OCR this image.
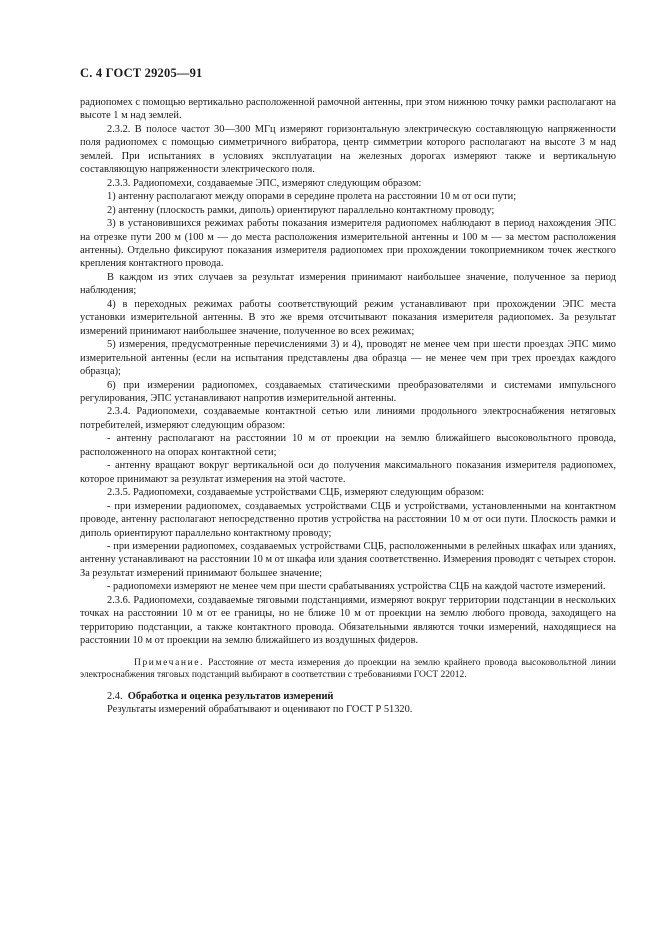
С. 4 ГОСТ 29205—91

радиопомех с помощью вертикально расположенной рамочной антенны, при этом нижнюю точку рамки располагают на высоте 1 м над землей.

2.3.2. В полосе частот 30—300 МГц измеряют горизонтальную электрическую составляющую напряженности поля радиопомех с помощью симметричного вибратора, центр симметрии которого располагают на высоте 3 м над землей. При испытаниях в условиях эксплуатации на железных дорогах измеряют также и вертикальную составляющую напряженности электрического поля.

2.3.3. Радиопомехи, создаваемые ЭПС, измеряют следующим образом:

1) антенну располагают между опорами в середине пролета на расстоянии 10 м от оси пути;

2) антенну (плоскость рамки, диполь) ориентируют параллельно контактному проводу;

3) в установившихся режимах работы показания измерителя радиопомех наблюдают в период нахождения ЭПС на отрезке пути 200 м (100 м — до места расположения измерительной антенны и 100 м — за местом расположения антенны). Отдельно фиксируют показания измерителя радиопомех при прохождении токоприемником точек жесткого крепления контактного провода.

В каждом из этих случаев за результат измерения принимают наибольшее значение, полученное за период наблюдения;

4) в переходных режимах работы соответствующий режим устанавливают при прохождении ЭПС места установки измерительной антенны. В это же время отсчитывают показания измерителя радиопомех. За результат измерений принимают наибольшее значение, полученное во всех режимах;

5) измерения, предусмотренные перечислениями 3) и 4), проводят не менее чем при шести проездах ЭПС мимо измерительной антенны (если на испытания представлены два образца — не менее чем при трех проездах каждого образца);

6) при измерении радиопомех, создаваемых статическими преобразователями и системами импульсного регулирования, ЭПС устанавливают напротив измерительной антенны.

2.3.4. Радиопомехи, создаваемые контактной сетью или линиями продольного электроснабжения нетяговых потребителей, измеряют следующим образом:

- антенну располагают на расстоянии 10 м от проекции на землю ближайшего высоковольтного провода, расположенного на опорах контактной сети;

- антенну вращают вокруг вертикальной оси до получения максимального показания измерителя радиопомех, которое принимают за результат измерения на этой частоте.

2.3.5. Радиопомехи, создаваемые устройствами СЦБ, измеряют следующим образом:

- при измерении радиопомех, создаваемых устройствами СЦБ и устройствами, установленными на контактном проводе, антенну располагают непосредственно против устройства на расстоянии 10 м от оси пути. Плоскость рамки и диполь ориентируют параллельно контактному проводу;

- при измерении радиопомех, создаваемых устройствами СЦБ, расположенными в релейных шкафах или зданиях, антенну устанавливают на расстоянии 10 м от шкафа или здания соответственно. Измерения проводят с четырех сторон. За результат измерений принимают большее значение;

- радиопомехи измеряют не менее чем при шести срабатываниях устройства СЦБ на каждой частоте измерений.

2.3.6. Радиопомехи, создаваемые тяговыми подстанциями, измеряют вокруг территории подстанции в нескольких точках на расстоянии 10 м от ее границы, но не ближе 10 м от проекции на землю любого провода, заходящего на территорию подстанции, а также контактного провода. Обязательными являются точки измерений, находящиеся на расстоянии 10 м от проекции на землю ближайшего из воздушных фидеров.

Примечание. Расстояние от места измерения до проекции на землю крайнего провода высоковольтной линии электроснабжения тяговых подстанций выбирают в соответствии с требованиями ГОСТ 22012.

2.4. Обработка и оценка результатов измерений

Результаты измерений обрабатывают и оценивают по ГОСТ Р 51320.
